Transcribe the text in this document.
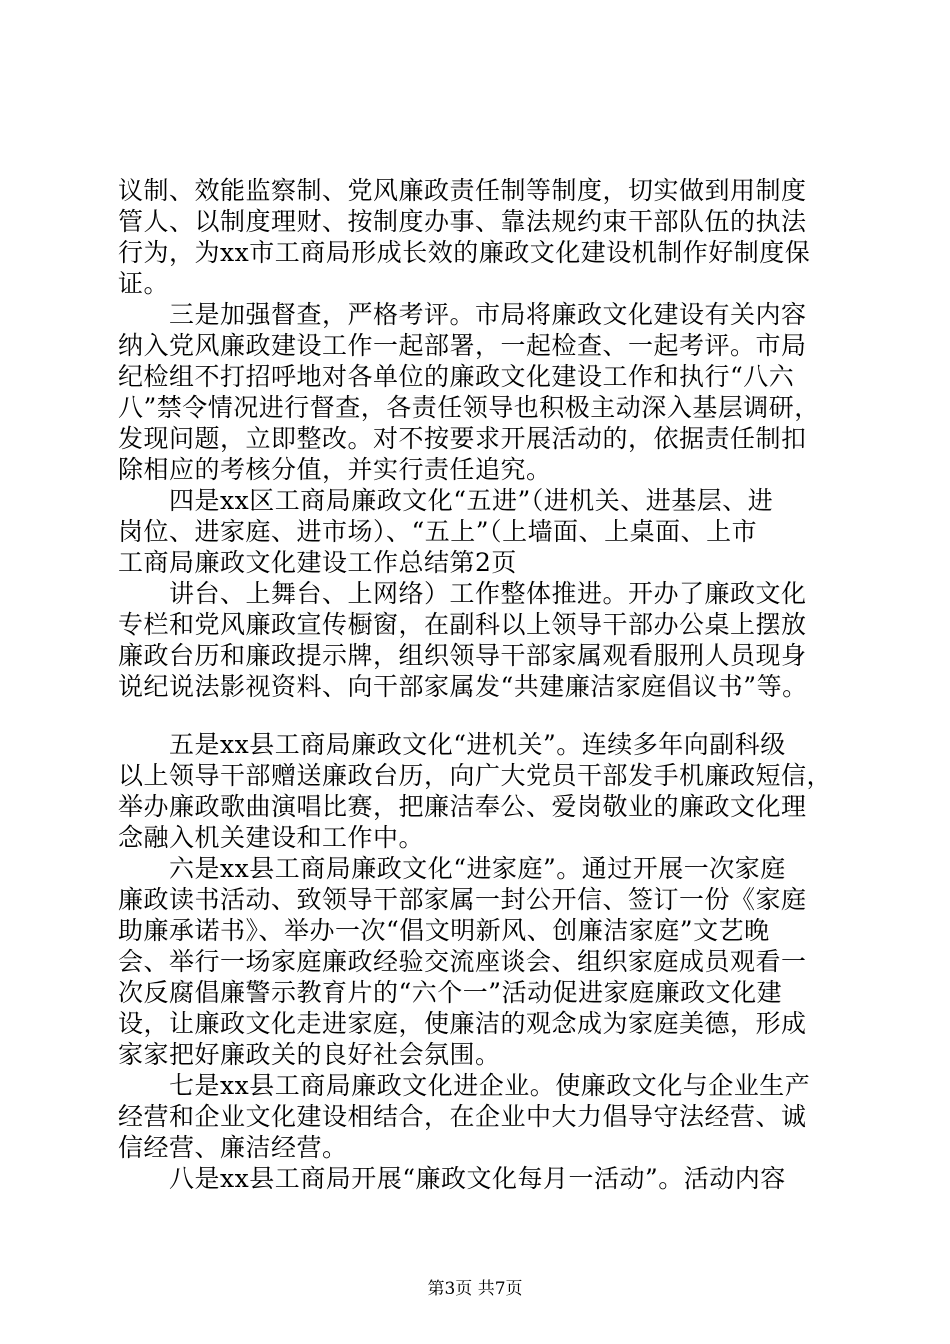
议制、效能监察制、党风廉政责任制等制度，切实做到用制度
管人、以制度理财、按制度办事、靠法规约束干部队伍的执法
行为，为xx市工商局形成长效的廉政文化建设机制作好制度保
证。
　　三是加强督查，严格考评。市局将廉政文化建设有关内容
纳入党风廉政建设工作一起部署，一起检查、一起考评。市局
纪检组不打招呼地对各单位的廉政文化建设工作和执行“八六
八”禁令情况进行督查，各责任领导也积极主动深入基层调研，
发现问题，立即整改。对不按要求开展活动的，依据责任制扣
除相应的考核分值，并实行责任追究。
　　四是xx区工商局廉政文化“五进”（进机关、进基层、进
岗位、进家庭、进市场）、“五上”（上墙面、上桌面、上市
工商局廉政文化建设工作总结第2页
　　讲台、上舞台、上网络）工作整体推进。开办了廉政文化
专栏和党风廉政宣传橱窗，在副科以上领导干部办公桌上摆放
廉政台历和廉政提示牌，组织领导干部家属观看服刑人员现身
说纪说法影视资料、向干部家属发“共建廉洁家庭倡议书”等。
　　五是xx县工商局廉政文化“进机关”。连续多年向副科级
以上领导干部赠送廉政台历，向广大党员干部发手机廉政短信，
举办廉政歌曲演唱比赛，把廉洁奉公、爱岗敬业的廉政文化理
念融入机关建设和工作中。
　　六是xx县工商局廉政文化“进家庭”。通过开展一次家庭
廉政读书活动、致领导干部家属一封公开信、签订一份《家庭
助廉承诺书》、举办一次“倡文明新风、创廉洁家庭”文艺晚
会、举行一场家庭廉政经验交流座谈会、组织家庭成员观看一
次反腐倡廉警示教育片的“六个一”活动促进家庭廉政文化建
设，让廉政文化走进家庭，使廉洁的观念成为家庭美德，形成
家家把好廉政关的良好社会氛围。
　　七是xx县工商局廉政文化进企业。使廉政文化与企业生产
经营和企业文化建设相结合，在企业中大力倡导守法经营、诚
信经营、廉洁经营。
　　八是xx县工商局开展“廉政文化每月一活动”。活动内容
第3页 共7页
